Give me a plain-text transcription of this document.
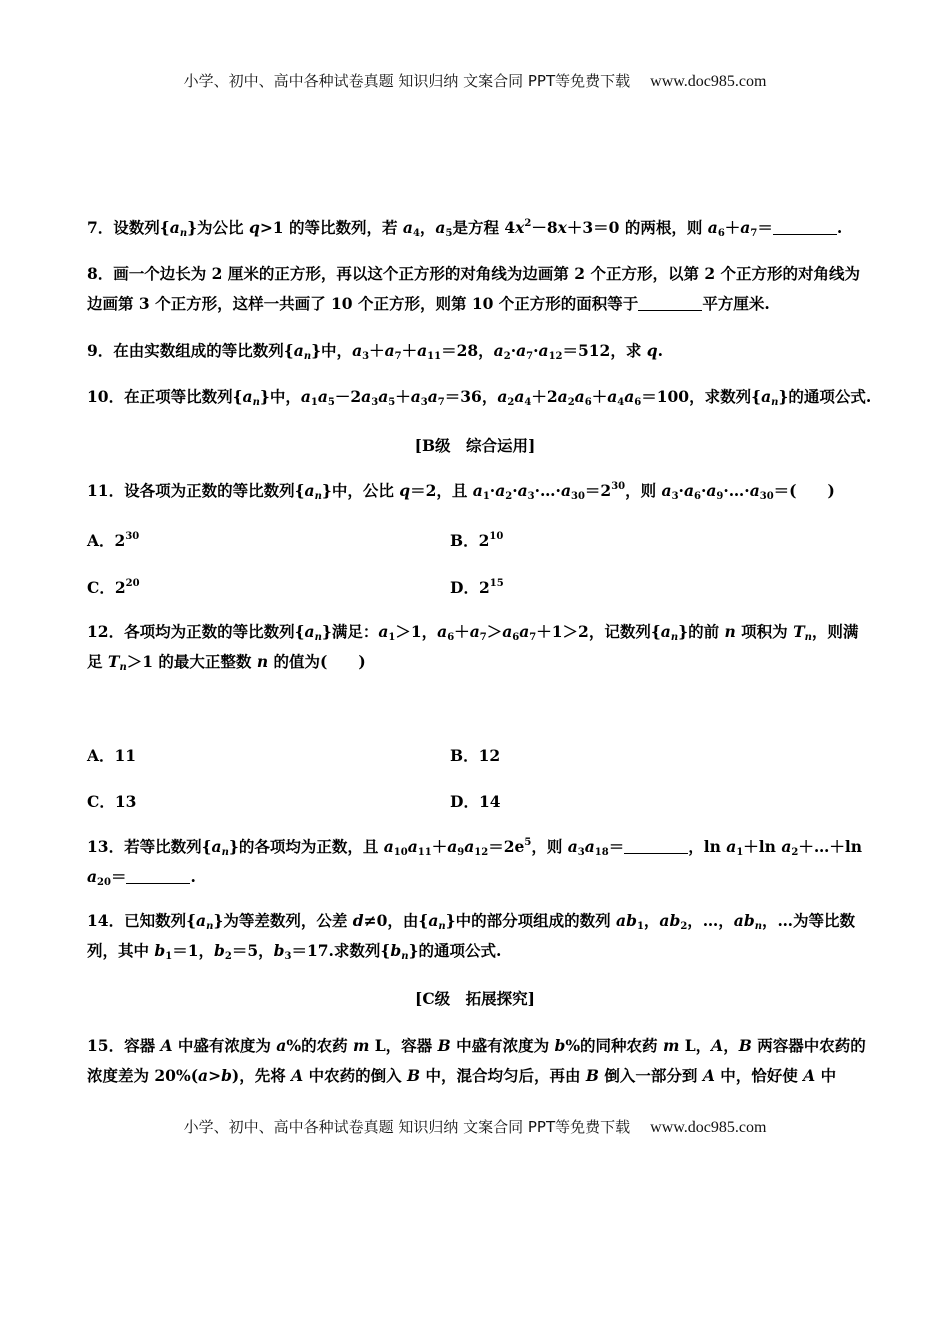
小学、初中、高中各种试卷真题 知识归纳 文案合同 PPT等免费下载 www.doc985.com
7．设数列$\{a_n\}$为公比 q>1 的等比数列，若 $a_4$，$a_5$是方程 $4x^2-8x+3=0$ 的两根，则 $a_6+a_7=$	.
8．画一个边长为 2 厘米的正方形，再以这个正方形的对角线为边画第 2 个正方形，以第 2 个正方形的对角线为边画第 3 个正方形，这样一共画了 10 个正方形，则第 10 个正方形的面积等于	平方厘米.
9．在由实数组成的等比数列$\{a_n\}$中，$a_3+a_7+a_{11}=28$，$a_2\cdot a_7\cdot a_{12}=512$，求 q.
10．在正项等比数列$\{a_n\}$中，$a_1a_5-2a_3a_5+a_3a_7=36$，$a_2a_4+2a_2a_6+a_4a_6=100$，求数列$\{a_n\}$的通项公式.
[B级　综合运用]
11．设各项为正数的等比数列$\{a_n\}$中，公比 q＝2，且 $a_1\cdot a_2\cdot a_3\cdot\dots\cdot a_{30}=2^{30}$，则 $a_3\cdot a_6\cdot a_9\cdot\dots\cdot a_{30}=$(　　)
A．$2^{30}$	B．$2^{10}$
C．$2^{20}$	D．$2^{15}$
12．各项均为正数的等比数列$\{a_n\}$满足：$a_1>1$，$a_6+a_7>a_6a_7+1>2$，记数列$\{a_n\}$的前 n 项积为 $T_n$，则满足 $T_n>1$ 的最大正整数 n 的值为(　　)
A．11	B．12
C．13	D．14
13．若等比数列$\{a_n\}$的各项均为正数，且 $a_{10}a_{11}+a_9a_{12}=2e^5$，则 $a_3a_{18}=$	，$\ln a_1+\ln$ $a_2+\dots+\ln$ $a_{20}=$	.
14．已知数列$\{a_n\}$为等差数列，公差 d≠0，由$\{a_n\}$中的部分项组成的数列 $ab_1$，$ab_2$，…，$ab_n$，…为等比数列，其中 $b_1=1$，$b_2=5$，$b_3=17$.求数列$\{b_n\}$的通项公式.
[C级　拓展探究]
15．容器 A 中盛有浓度为 a%的农药 m L，容器 B 中盛有浓度为 b%的同种农药 m L，A，B 两容器中农药的浓度差为 20%(a>b)，先将 A 中农药的倒入 B 中，混合均匀后，再由 B 倒入一部分到 A 中，恰好使 A 中
小学、初中、高中各种试卷真题 知识归纳 文案合同 PPT等免费下载 www.doc985.com
